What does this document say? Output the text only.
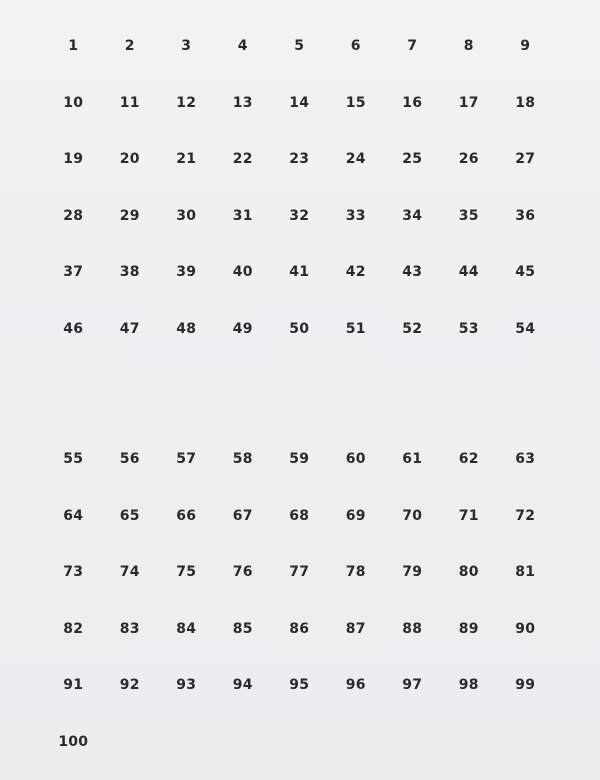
1	2	3	4	5	6	7	8	9
10	11	12	13	14	15	16	17	18
19	20	21	22	23	24	25	26	27
28	29	30	31	32	33	34	35	36
37	38	39	40	41	42	43	44	45
46	47	48	49	50	51	52	53	54
55	56	57	58	59	60	61	62	63
64	65	66	67	68	69	70	71	72
73	74	75	76	77	78	79	80	81
82	83	84	85	86	87	88	89	90
91	92	93	94	95	96	97	98	99
100
